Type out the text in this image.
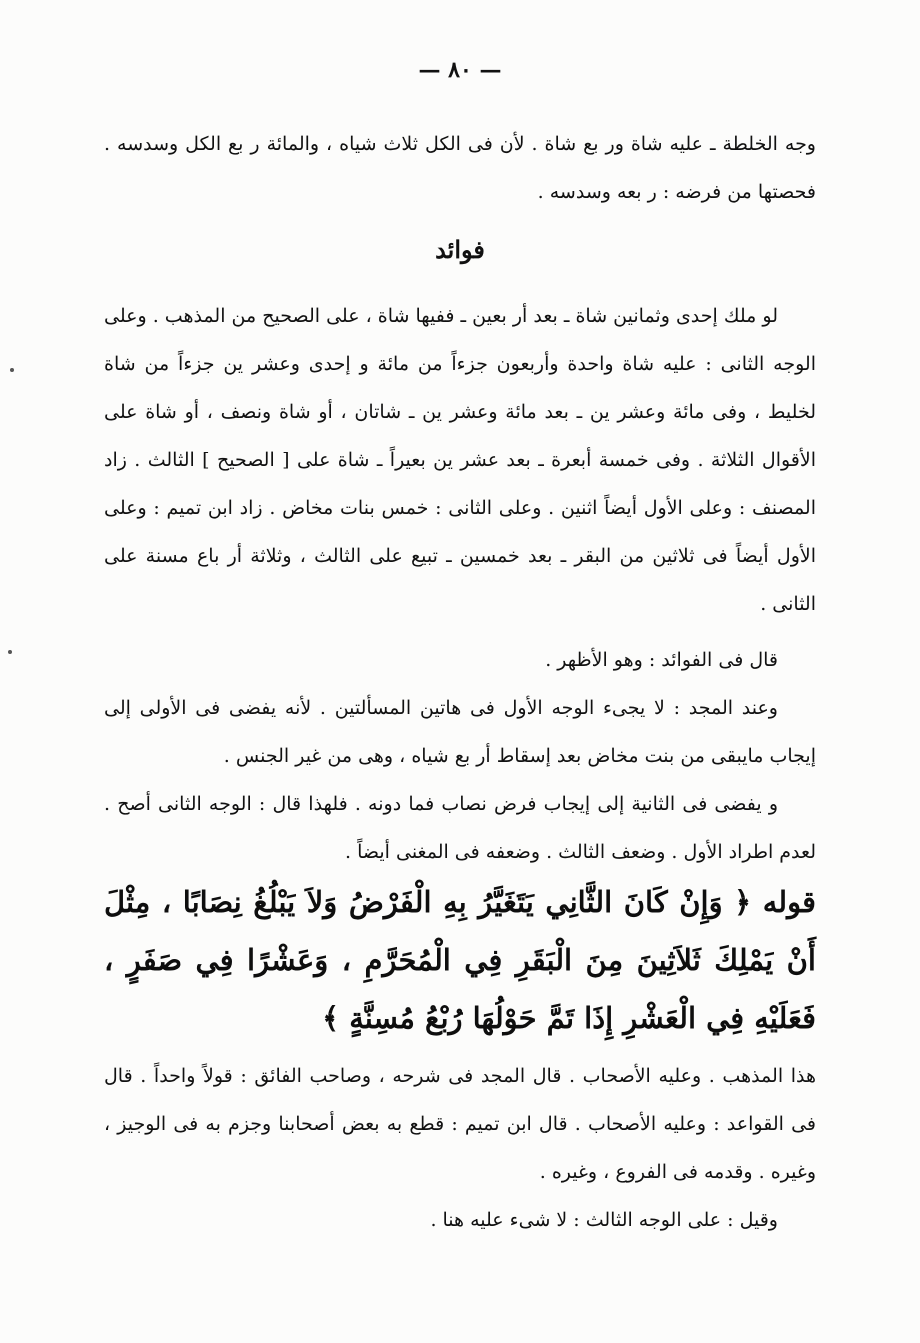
— ٨٠ —
وجه الخلطة ـ عليه شاة ور بع شاة . لأن فى الكل ثلاث شياه ، والمائة ر بع الكل وسدسه . فحصتها من فرضه : ر بعه وسدسه .
فوائد
لو ملك إحدى وثمانين شاة ـ بعد أر بعين ـ ففيها شاة ، على الصحيح من المذهب . وعلى الوجه الثانى : عليه شاة واحدة وأربعون جزءاً من مائة و إحدى وعشر ين جزءاً من شاة لخليط ، وفى مائة وعشر ين ـ بعد مائة وعشر ين ـ شاتان ، أو شاة ونصف ، أو شاة على الأقوال الثلاثة . وفى خمسة أبعرة ـ بعد عشر ين بعيراً ـ شاة على [ الصحيح ] الثالث . زاد المصنف : وعلى الأول أيضاً اثنين . وعلى الثانى : خمس بنات مخاض . زاد ابن تميم : وعلى الأول أيضاً فى ثلاثين من البقر ـ بعد خمسين ـ تبيع على الثالث ، وثلاثة أر باع مسنة على الثانى .
قال فى الفوائد : وهو الأظهر .
وعند المجد : لا يجىء الوجه الأول فى هاتين المسألتين . لأنه يفضى فى الأولى إلى إيجاب مايبقى من بنت مخاض بعد إسقاط أر بع شياه ، وهى من غير الجنس .
و يفضى فى الثانية إلى إيجاب فرض نصاب فما دونه . فلهذا قال : الوجه الثانى أصح . لعدم اطراد الأول . وضعف الثالث . وضعفه فى المغنى أيضاً .
قوله ﴿ وَإِنْ كَانَ الثَّانِي يَتَغَيَّرُ بِهِ الْفَرْضُ وَلاَ يَبْلُغُ نِصَابًا ، مِثْلَ أَنْ يَمْلِكَ ثَلاَثِينَ مِنَ الْبَقَرِ فِي الْمُحَرَّمِ ، وَعَشْرًا فِي صَفَرٍ ، فَعَلَيْهِ فِي الْعَشْرِ إِذَا تَمَّ حَوْلُهَا رُبْعُ مُسِنَّةٍ ﴾
هذا المذهب . وعليه الأصحاب . قال المجد فى شرحه ، وصاحب الفائق : قولاً واحداً . قال فى القواعد : وعليه الأصحاب . قال ابن تميم : قطع به بعض أصحابنا وجزم به فى الوجيز ، وغيره . وقدمه فى الفروع ، وغيره .
وقيل : على الوجه الثالث : لا شىء عليه هنا .
